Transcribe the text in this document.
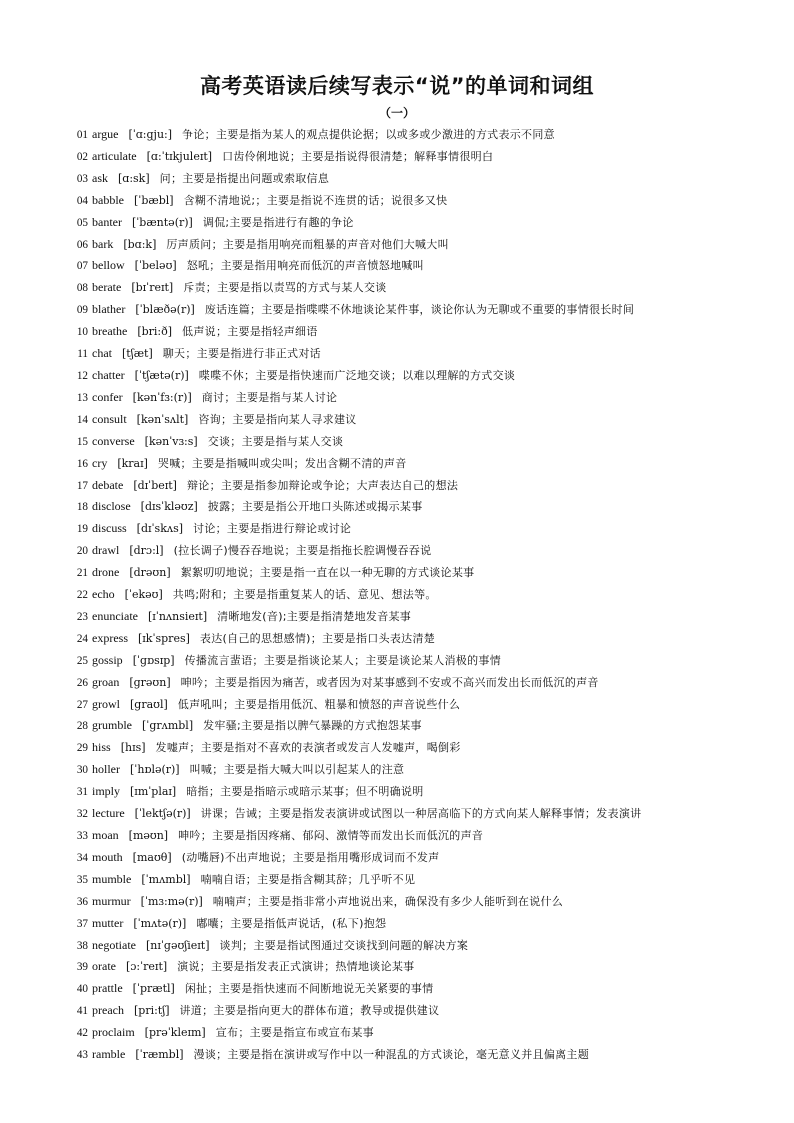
高考英语读后续写表示“说”的单词和词组
（一）
01 argue [ˈɑ:gju:] 争论；主要是指为某人的观点提供论据；以或多或少激进的方式表示不同意
02 articulate [ɑ:ˈtɪkjuleɪt] 口齿伶俐地说；主要是指说得很清楚；解释事情很明白
03 ask [ɑ:sk] 问；主要是指提出问题或索取信息
04 babble [ˈbæbl] 含糊不清地说;；主要是指说不连贯的话；说很多又快
05 banter [ˈbæntə(r)] 调侃;主要是指进行有趣的争论
06 bark [bɑ:k] 厉声质问；主要是指用响亮而粗暴的声音对他们大喊大叫
07 bellow [ˈbeləʊ] 怒吼；主要是指用响亮而低沉的声音愤怒地喊叫
08 berate [bɪˈreɪt] 斥责；主要是指以责骂的方式与某人交谈
09 blather [ˈblæðə(r)] 废话连篇；主要是指喋喋不休地谈论某件事，谈论你认为无聊或不重要的事情很长时间
10 breathe [bri:ð] 低声说；主要是指轻声细语
11 chat [tʃæt] 聊天；主要是指进行非正式对话
12 chatter [ˈtʃætə(r)] 喋喋不休；主要是指快速而广泛地交谈；以难以理解的方式交谈
13 confer [kənˈfɜ:(r)] 商讨；主要是指与某人讨论
14 consult [kənˈsʌlt] 咨询；主要是指向某人寻求建议
15 converse [kənˈvɜ:s] 交谈；主要是指与某人交谈
16 cry [kraɪ] 哭喊；主要是指喊叫或尖叫；发出含糊不清的声音
17 debate [dɪˈbeɪt] 辩论；主要是指参加辩论或争论；大声表达自己的想法
18 disclose [dɪsˈkləʊz] 披露；主要是指公开地口头陈述或揭示某事
19 discuss [dɪˈskʌs] 讨论；主要是指进行辩论或讨论
20 drawl [drɔ:l] (拉长调子)慢吞吞地说；主要是指拖长腔调慢吞吞说
21 drone [drəʊn] 絮絮叨叨地说；主要是指一直在以一种无聊的方式谈论某事
22 echo [ˈekəʊ] 共鸣;附和；主要是指重复某人的话、意见、想法等。
23 enunciate [ɪˈnʌnsieɪt] 清晰地发(音);主要是指清楚地发音某事
24 express [ɪkˈspres] 表达(自己的思想感情)；主要是指口头表达清楚
25 gossip [ˈgɒsɪp] 传播流言蜚语；主要是指谈论某人；主要是谈论某人消极的事情
26 groan [grəʊn] 呻吟；主要是指因为痛苦，或者因为对某事感到不安或不高兴而发出长而低沉的声音
27 growl [graʊl] 低声吼叫；主要是指用低沉、粗暴和愤怒的声音说些什么
28 grumble [ˈgrʌmbl] 发牢骚;主要是指以脾气暴躁的方式抱怨某事
29 hiss [hɪs] 发嘘声；主要是指对不喜欢的表演者或发言人发嘘声，喝倒彩
30 holler [ˈhɒlə(r)] 叫喊；主要是指大喊大叫以引起某人的注意
31 imply [ɪmˈplaɪ] 暗指；主要是指暗示或暗示某事；但不明确说明
32 lecture [ˈlektʃə(r)] 讲课；告诫；主要是指发表演讲或试图以一种居高临下的方式向某人解释事情；发表演讲
33 moan [məʊn] 呻吟；主要是指因疼痛、郁闷、激情等而发出长而低沉的声音
34 mouth [maʊθ] (动嘴唇)不出声地说；主要是指用嘴形成词而不发声
35 mumble [ˈmʌmbl] 喃喃自语；主要是指含糊其辞；几乎听不见
36 murmur [ˈmɜ:mə(r)] 喃喃声；主要是指非常小声地说出来，确保没有多少人能听到在说什么
37 mutter [ˈmʌtə(r)] 嘟囔；主要是指低声说话，(私下)抱怨
38 negotiate [nɪˈgəʊʃieɪt] 谈判；主要是指试图通过交谈找到问题的解决方案
39 orate [ɔ:ˈreɪt] 演说；主要是指发表正式演讲；热情地谈论某事
40 prattle [ˈprætl] 闲扯；主要是指快速而不间断地说无关紧要的事情
41 preach [pri:tʃ] 讲道；主要是指向更大的群体布道；教导或提供建议
42 proclaim [prəˈkleɪm] 宣布；主要是指宣布或宣布某事
43 ramble [ˈræmbl] 漫谈；主要是指在演讲或写作中以一种混乱的方式谈论，毫无意义并且偏离主题
